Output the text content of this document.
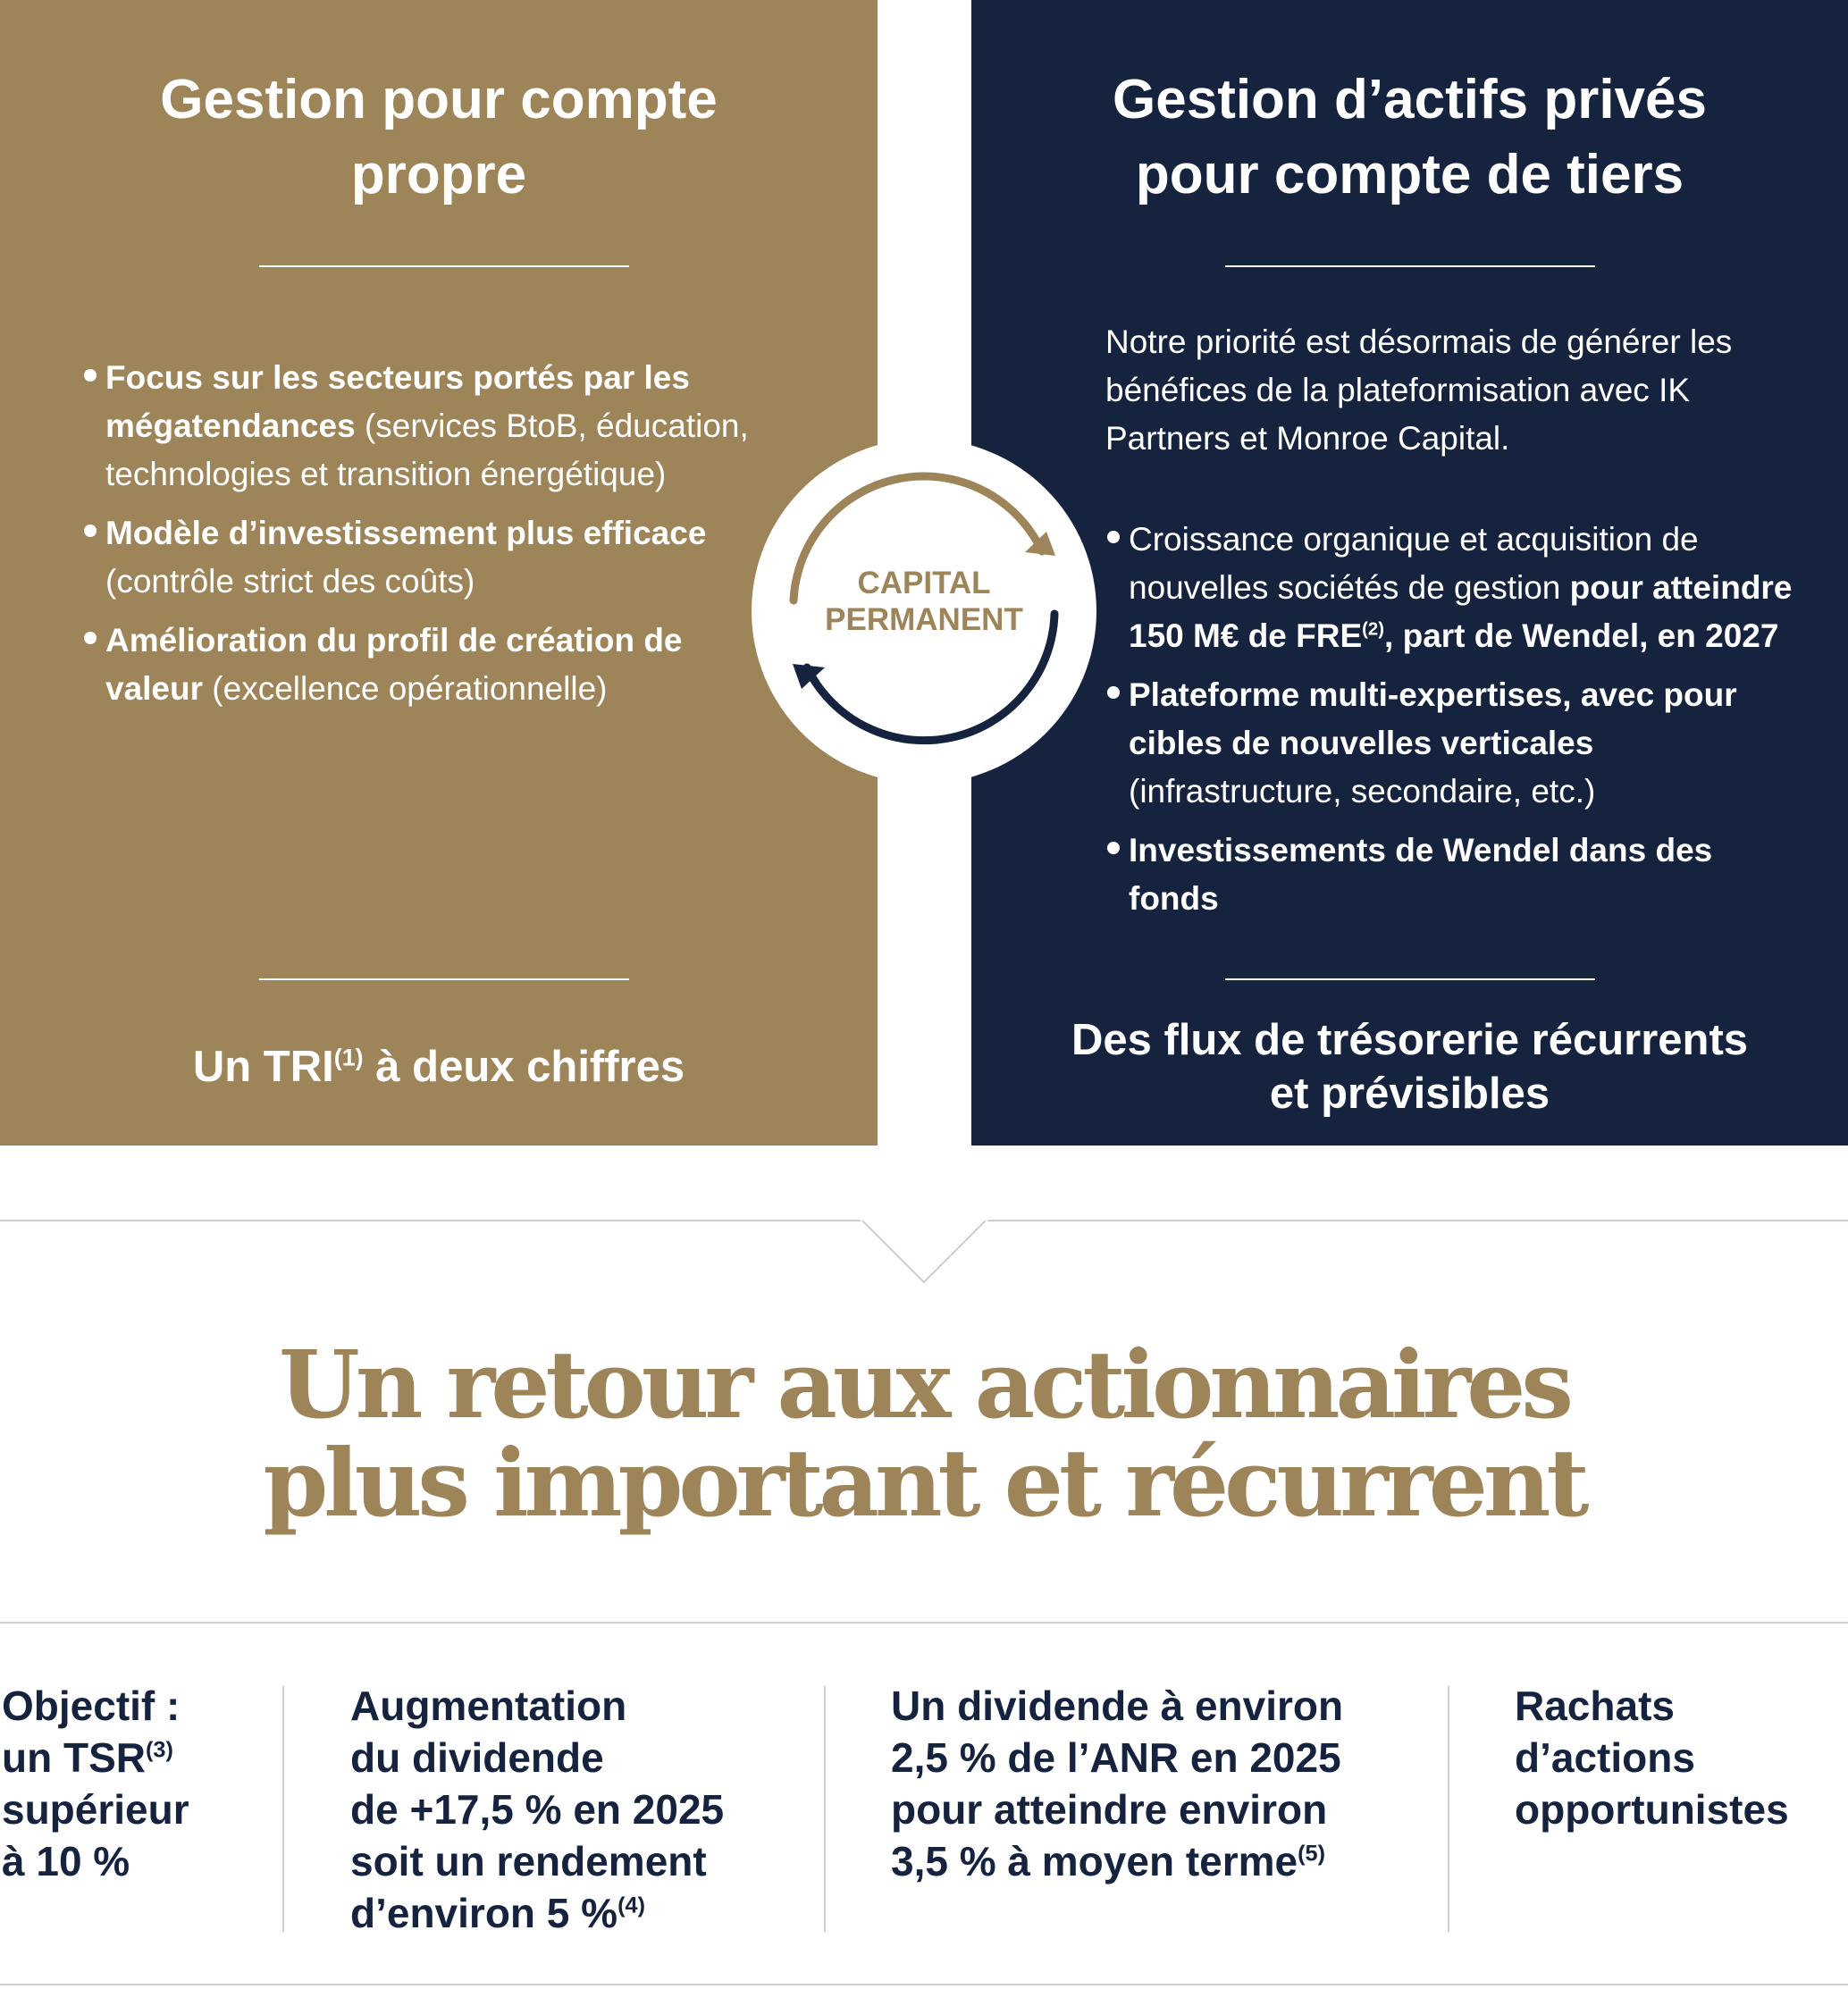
Gestion pour compte
propre

Focus sur les secteurs portés par les mégatendances (services BtoB, éducation, technologies et transition énergétique)
Modèle d’investissement plus efficace (contrôle strict des coûts)
Amélioration du profil de création de valeur (excellence opérationnelle)

Un TRI$^{(1)}$ à deux chiffres

Gestion d’actifs privés
pour compte de tiers

Notre priorité est désormais de générer les bénéfices de la plateformisation avec IK Partners et Monroe Capital.

Croissance organique et acquisition de nouvelles sociétés de gestion pour atteindre 150 M€ de FRE$^{(2)}$, part de Wendel, en 2027
Plateforme multi-expertises, avec pour cibles de nouvelles verticales (infrastructure, secondaire, etc.)
Investissements de Wendel dans des fonds

Des flux de trésorerie récurrents
et prévisibles

CAPITAL
PERMANENT

Un retour aux actionnaires
plus important et récurrent

Objectif :
un TSR$^{(3)}$
supérieur
à 10 %

Augmentation
du dividende
de +17,5 % en 2025
soit un rendement
d’environ 5 %$^{(4)}$

Un dividende à environ
2,5 % de l’ANR en 2025
pour atteindre environ
3,5 % à moyen terme$^{(5)}$

Rachats
d’actions
opportunistes
